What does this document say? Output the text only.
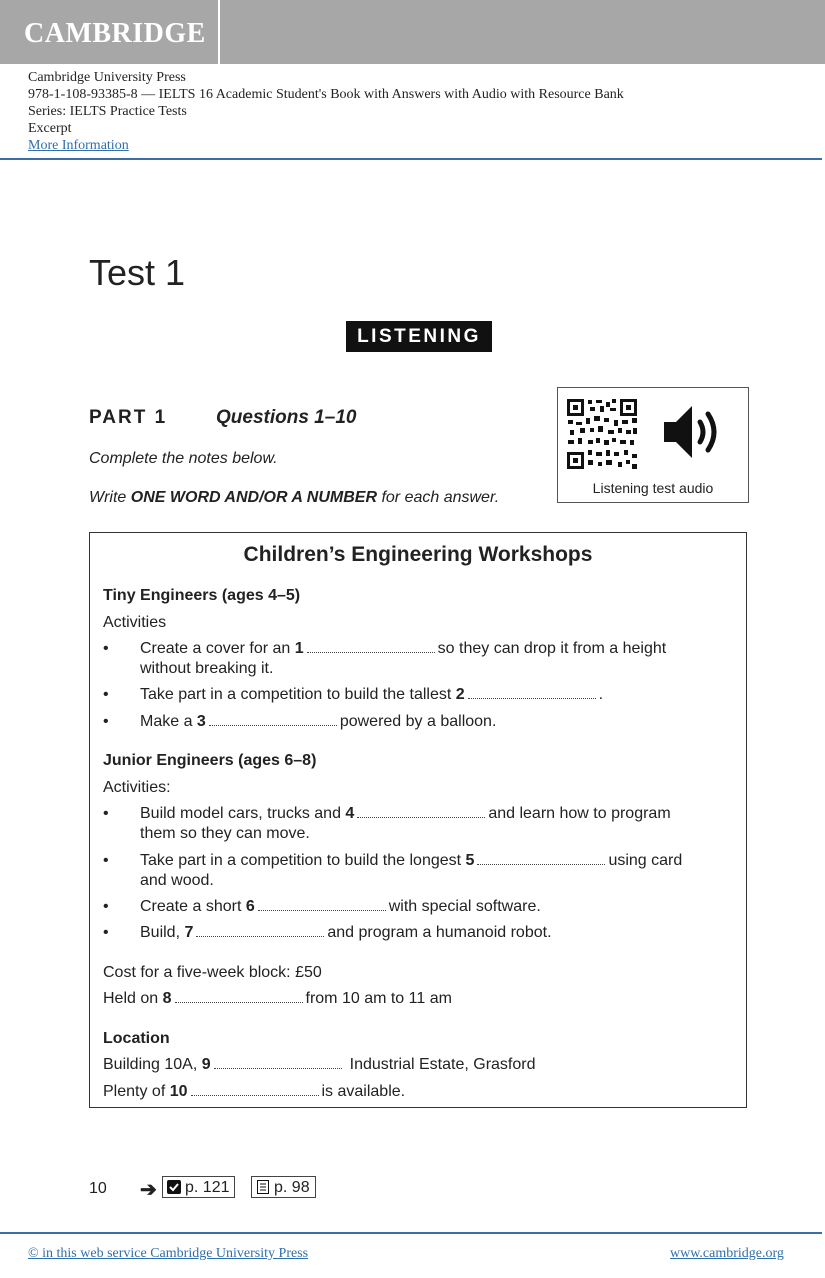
CAMBRIDGE
Cambridge University Press
978-1-108-93385-8 — IELTS 16 Academic Student's Book with Answers with Audio with Resource Bank
Series: IELTS Practice Tests
Excerpt
More Information
Test 1
LISTENING
PART 1	Questions 1–10
Complete the notes below.
Write ONE WORD AND/OR A NUMBER for each answer.
Listening test audio
Children’s Engineering Workshops
Tiny Engineers (ages 4–5)
Activities
• Create a cover for an 1	so they can drop it from a height
without breaking it.
• Take part in a competition to build the tallest 2	.
• Make a 3	powered by a balloon.
Junior Engineers (ages 6–8)
Activities:
• Build model cars, trucks and 4	and learn how to program
them so they can move.
• Take part in a competition to build the longest 5	using card
and wood.
• Create a short 6	with special software.
• Build, 7	and program a humanoid robot.
Cost for a five-week block: £50
Held on 8	from 10 am to 11 am
Location
Building 10A, 9	Industrial Estate, Grasford
Plenty of 10	is available.
10 ➔	p. 121	p. 98
© in this web service Cambridge University Press	www.cambridge.org
